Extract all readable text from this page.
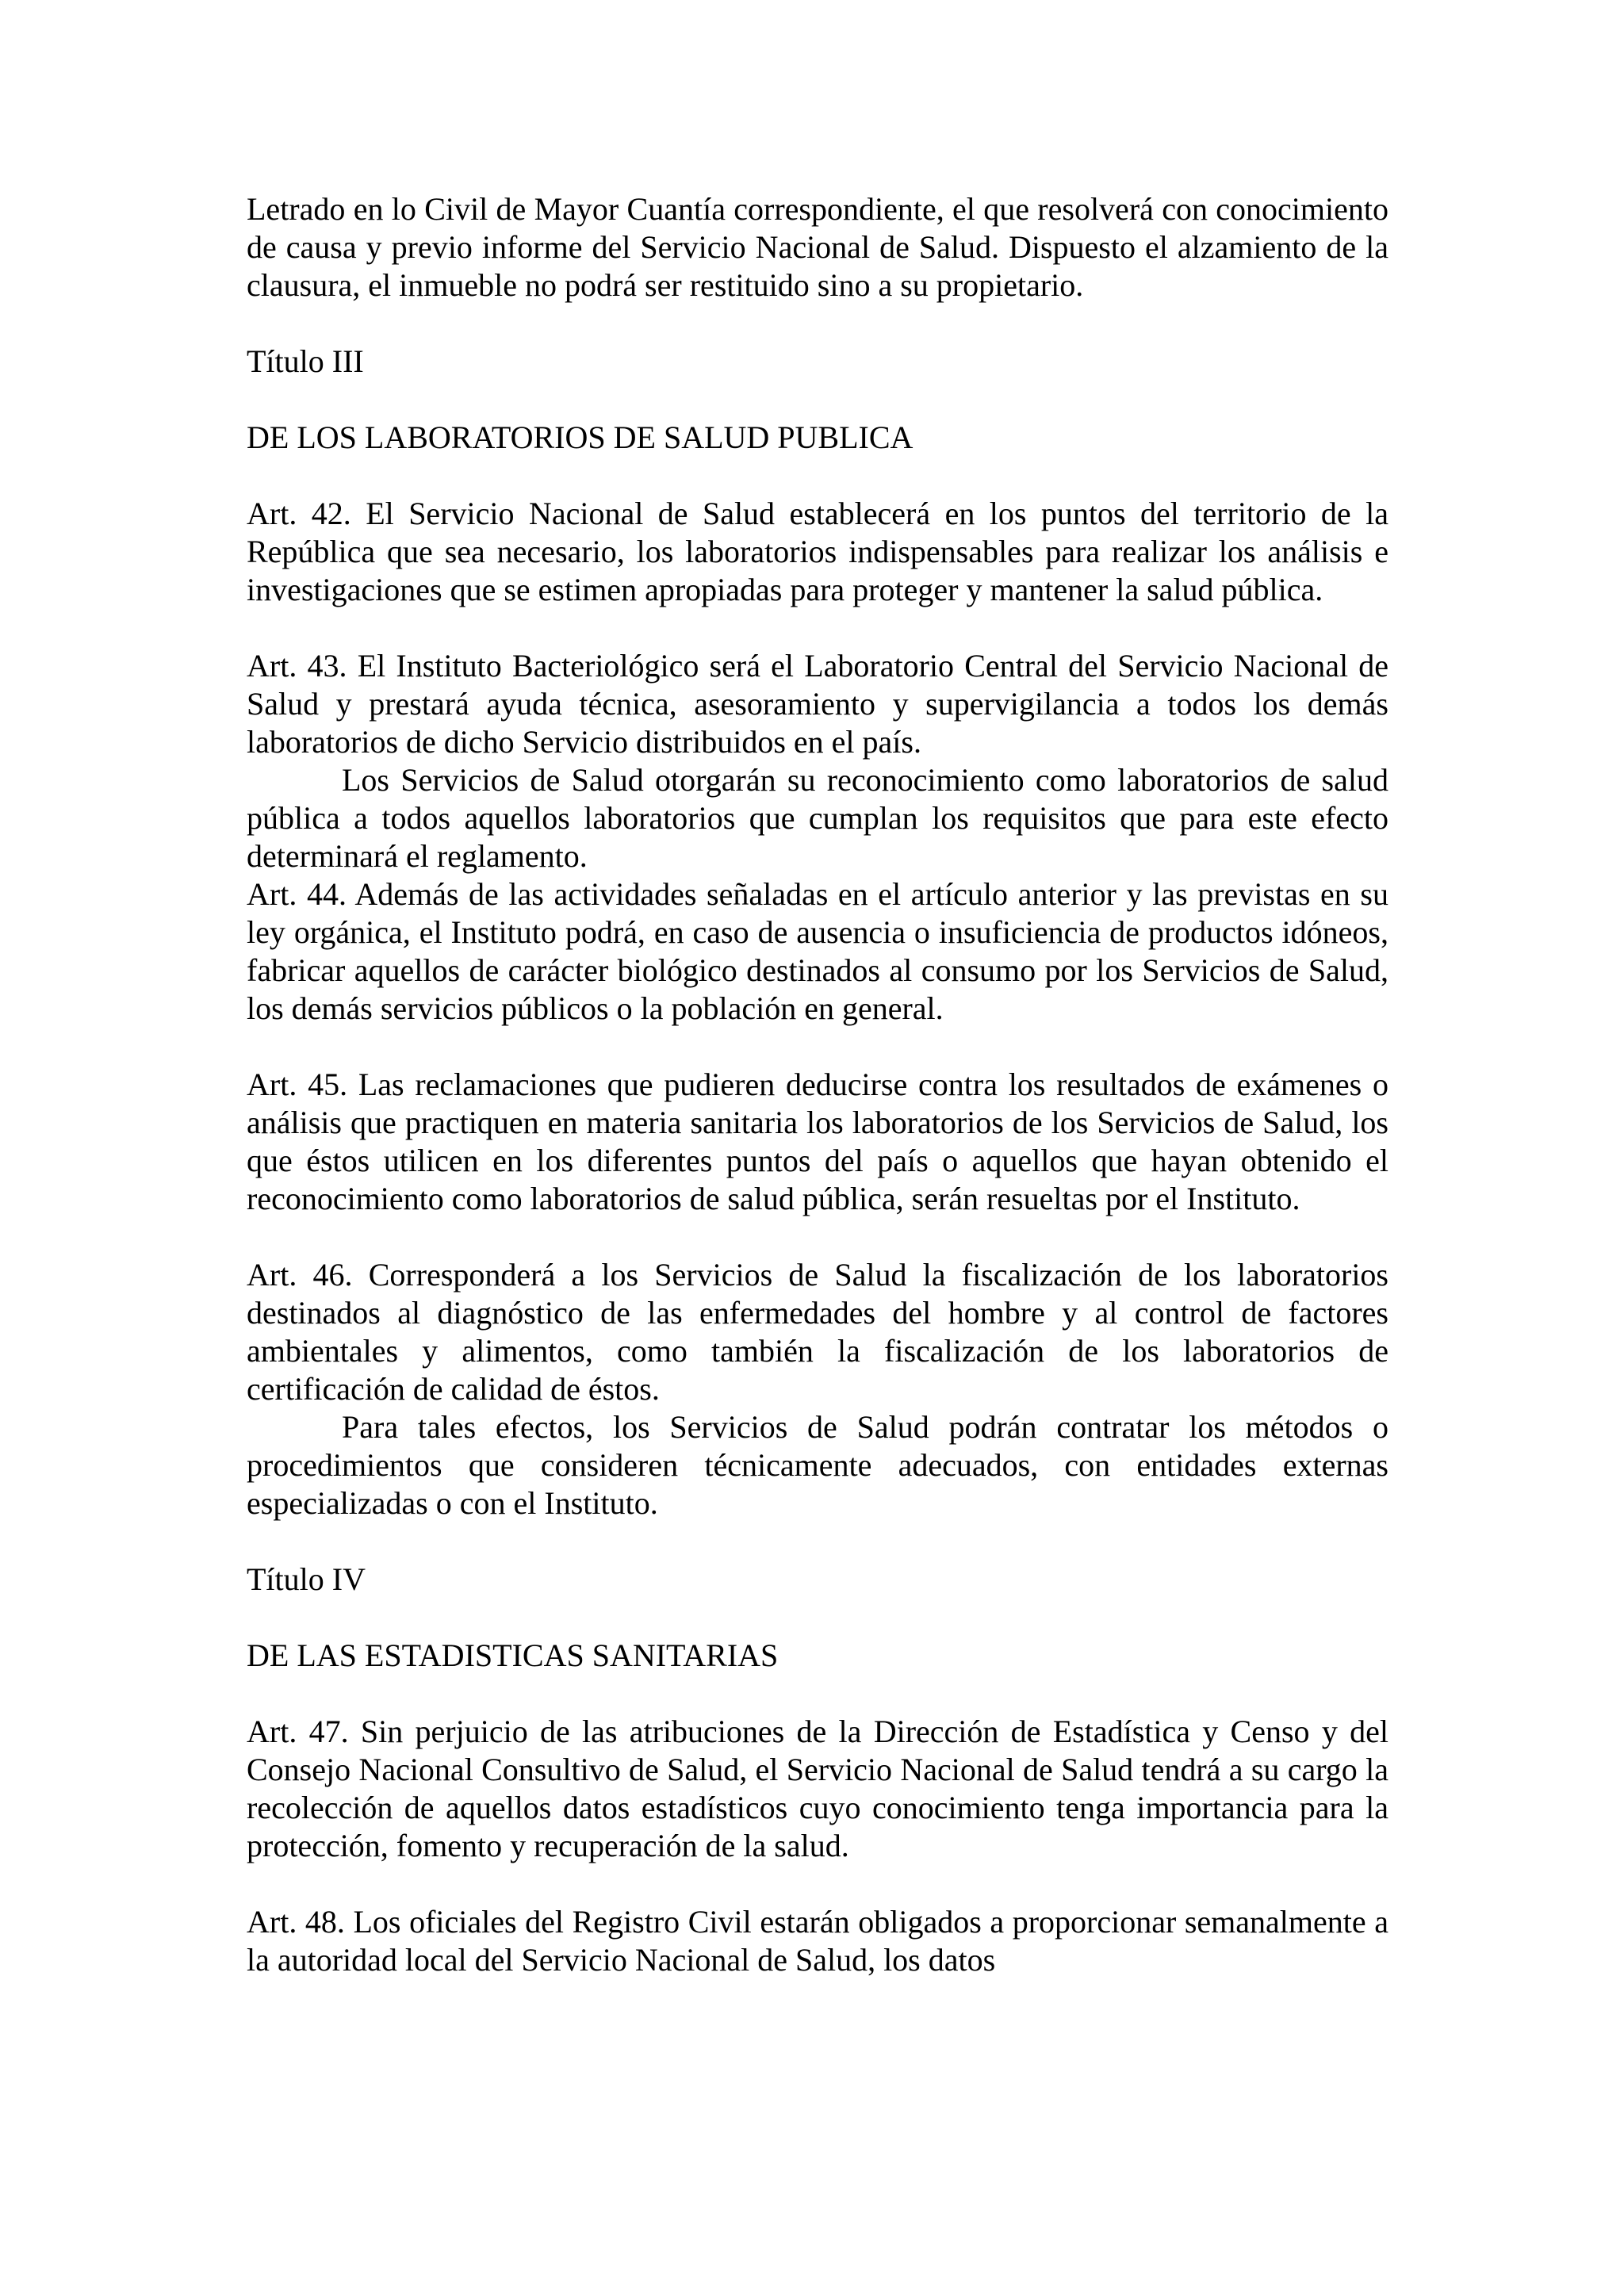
Letrado en lo Civil de Mayor Cuantía correspondiente, el que resolverá con conocimiento de causa y previo informe del Servicio Nacional de Salud. Dispuesto el alzamiento de la clausura, el inmueble no podrá ser restituido sino a su propietario.

Título III

DE LOS LABORATORIOS DE SALUD PUBLICA

Art. 42. El Servicio Nacional de Salud establecerá en los puntos del territorio de la República que sea necesario, los laboratorios indispensables para realizar los análisis e investigaciones que se estimen apropiadas para proteger y mantener la salud pública.

Art. 43. El Instituto Bacteriológico será el Laboratorio Central del Servicio Nacional de Salud y prestará ayuda técnica, asesoramiento y supervigilancia a todos los demás laboratorios de dicho Servicio distribuidos en el país.

Los Servicios de Salud otorgarán su reconocimiento como laboratorios de salud pública a todos aquellos laboratorios que cumplan los requisitos que para este efecto determinará el reglamento.

Art. 44. Además de las actividades señaladas en el artículo anterior y las previstas en su ley orgánica, el Instituto podrá, en caso de ausencia o insuficiencia de productos idóneos, fabricar aquellos de carácter biológico destinados al consumo por los Servicios de Salud, los demás servicios públicos o la población en general.

Art. 45. Las reclamaciones que pudieren deducirse contra los resultados de exámenes o análisis que practiquen en materia sanitaria los laboratorios de los Servicios de Salud, los que éstos utilicen en los diferentes puntos del país o aquellos que hayan obtenido el reconocimiento como laboratorios de salud pública, serán resueltas por el Instituto.

Art. 46. Corresponderá a los Servicios de Salud la fiscalización de los laboratorios destinados al diagnóstico de las enfermedades del hombre y al control de factores ambientales y alimentos, como también la fiscalización de los laboratorios de certificación de calidad de éstos.

Para tales efectos, los Servicios de Salud podrán contratar los métodos o procedimientos que consideren técnicamente adecuados, con entidades externas especializadas o con el Instituto.

Título IV

DE LAS ESTADISTICAS SANITARIAS

Art. 47. Sin perjuicio de las atribuciones de la Dirección de Estadística y Censo y del Consejo Nacional Consultivo de Salud, el Servicio Nacional de Salud tendrá a su cargo la recolección de aquellos datos estadísticos cuyo conocimiento tenga importancia para la protección, fomento y recuperación de la salud.

Art. 48. Los oficiales del Registro Civil estarán obligados a proporcionar semanalmente a la autoridad local del Servicio Nacional de Salud, los datos
